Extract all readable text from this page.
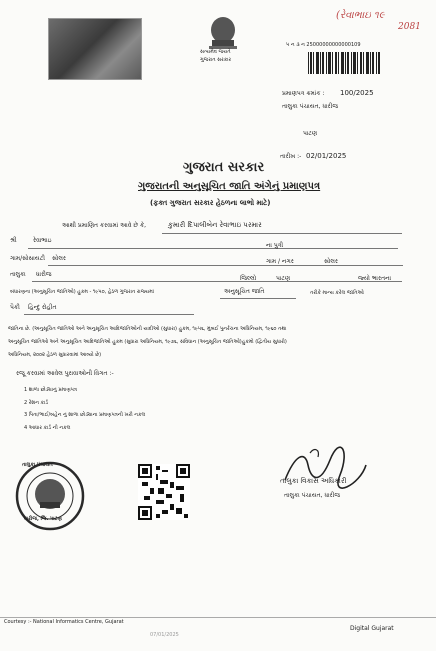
સત્યમેવ જયતે
ગુજરાત સરકાર
(રેવાભાઇ ૧૯
2081
૫ ન ૩ ન 25000000000000109
પ્રમાણપત્ર ક્રમાંક : 100/2025
તાલુકા પંચાયત, ધારીજ
પાટણ
તારીખ :- 02/01/2025
ગુજરાત સરકાર
ગુજરાતની અનુસૂચિત જાતિ અંગેનું પ્રમાણપત્ર
(ફક્ત ગુજરાત સરકાર હેઠળના લાભો માટે)
આથી પ્રમાણિત કરવામાં આવે છે કે,	કુમારી દિપાલીબેન રેવાભાઇ પરમાર
શ્રી	રેવાભાઇ
ના પુત્રી
ગામ/સોસાયટી સોલર	ગામ / નગર	સોલર
તાલુકા ધારીજ
જિલ્લો	પાટણ	જ્યો ભારતના
બંધારણના (અનુસૂચિત જાતિઓ) હુકમ - ૧૯૫૦, હેઠળ ગુજરાત રાજ્યમાં	અનુસૂચિત જાતિ	તરીકે માન્ય કરેલ જાતિઓ
પૈકી હિન્દુ રોહીત
જાતિના છે. (અનુસૂચિત જાતિઓ અને અનુસૂચિત આદિજાતિઓની યાદીઓ (સુધારા) હુકમ, ૧૯૫૬, મુંબઈ પુનર્રચના અધિનિયમ, ૧૯૬૦ તથા
અનુસૂચિત જાતિઓ અને અનુસૂચિત આદિજાતિઓ હુકમ (સુધારા અધિનિયમ, ૧૯૭૬, સંવિધાન (અનુસૂચિત જાતિઓ)હુકમો (દ્વિતીય સુધારો)
અધિનિયમ, ૨૦૦૨ હેઠળ સુધારવામાં આવ્યો છે)
રજૂ કરવામાં આવેલ પુરાવાઓની વિગત :-
1 શાળા છોડ્યાનું પ્રમાણપત્ર
2 રેશન કાર્ડ
3 પિતા/ભાઈ/બહેન નું શાળા છોડ્યાના પ્રમાણપત્રની ખરી નકલ
4 આધાર કાર્ડ ની નકલ
તાલુકા પંચાયત
ધારીજ, જિ. પાટણ
તાલુકા વિકાસ અધિકારી
તાલુકા પંચાયત, ધારીજ
Courtesy :- National Informatics Centre, Gujarat
Digital Gujarat
07/01/2025
